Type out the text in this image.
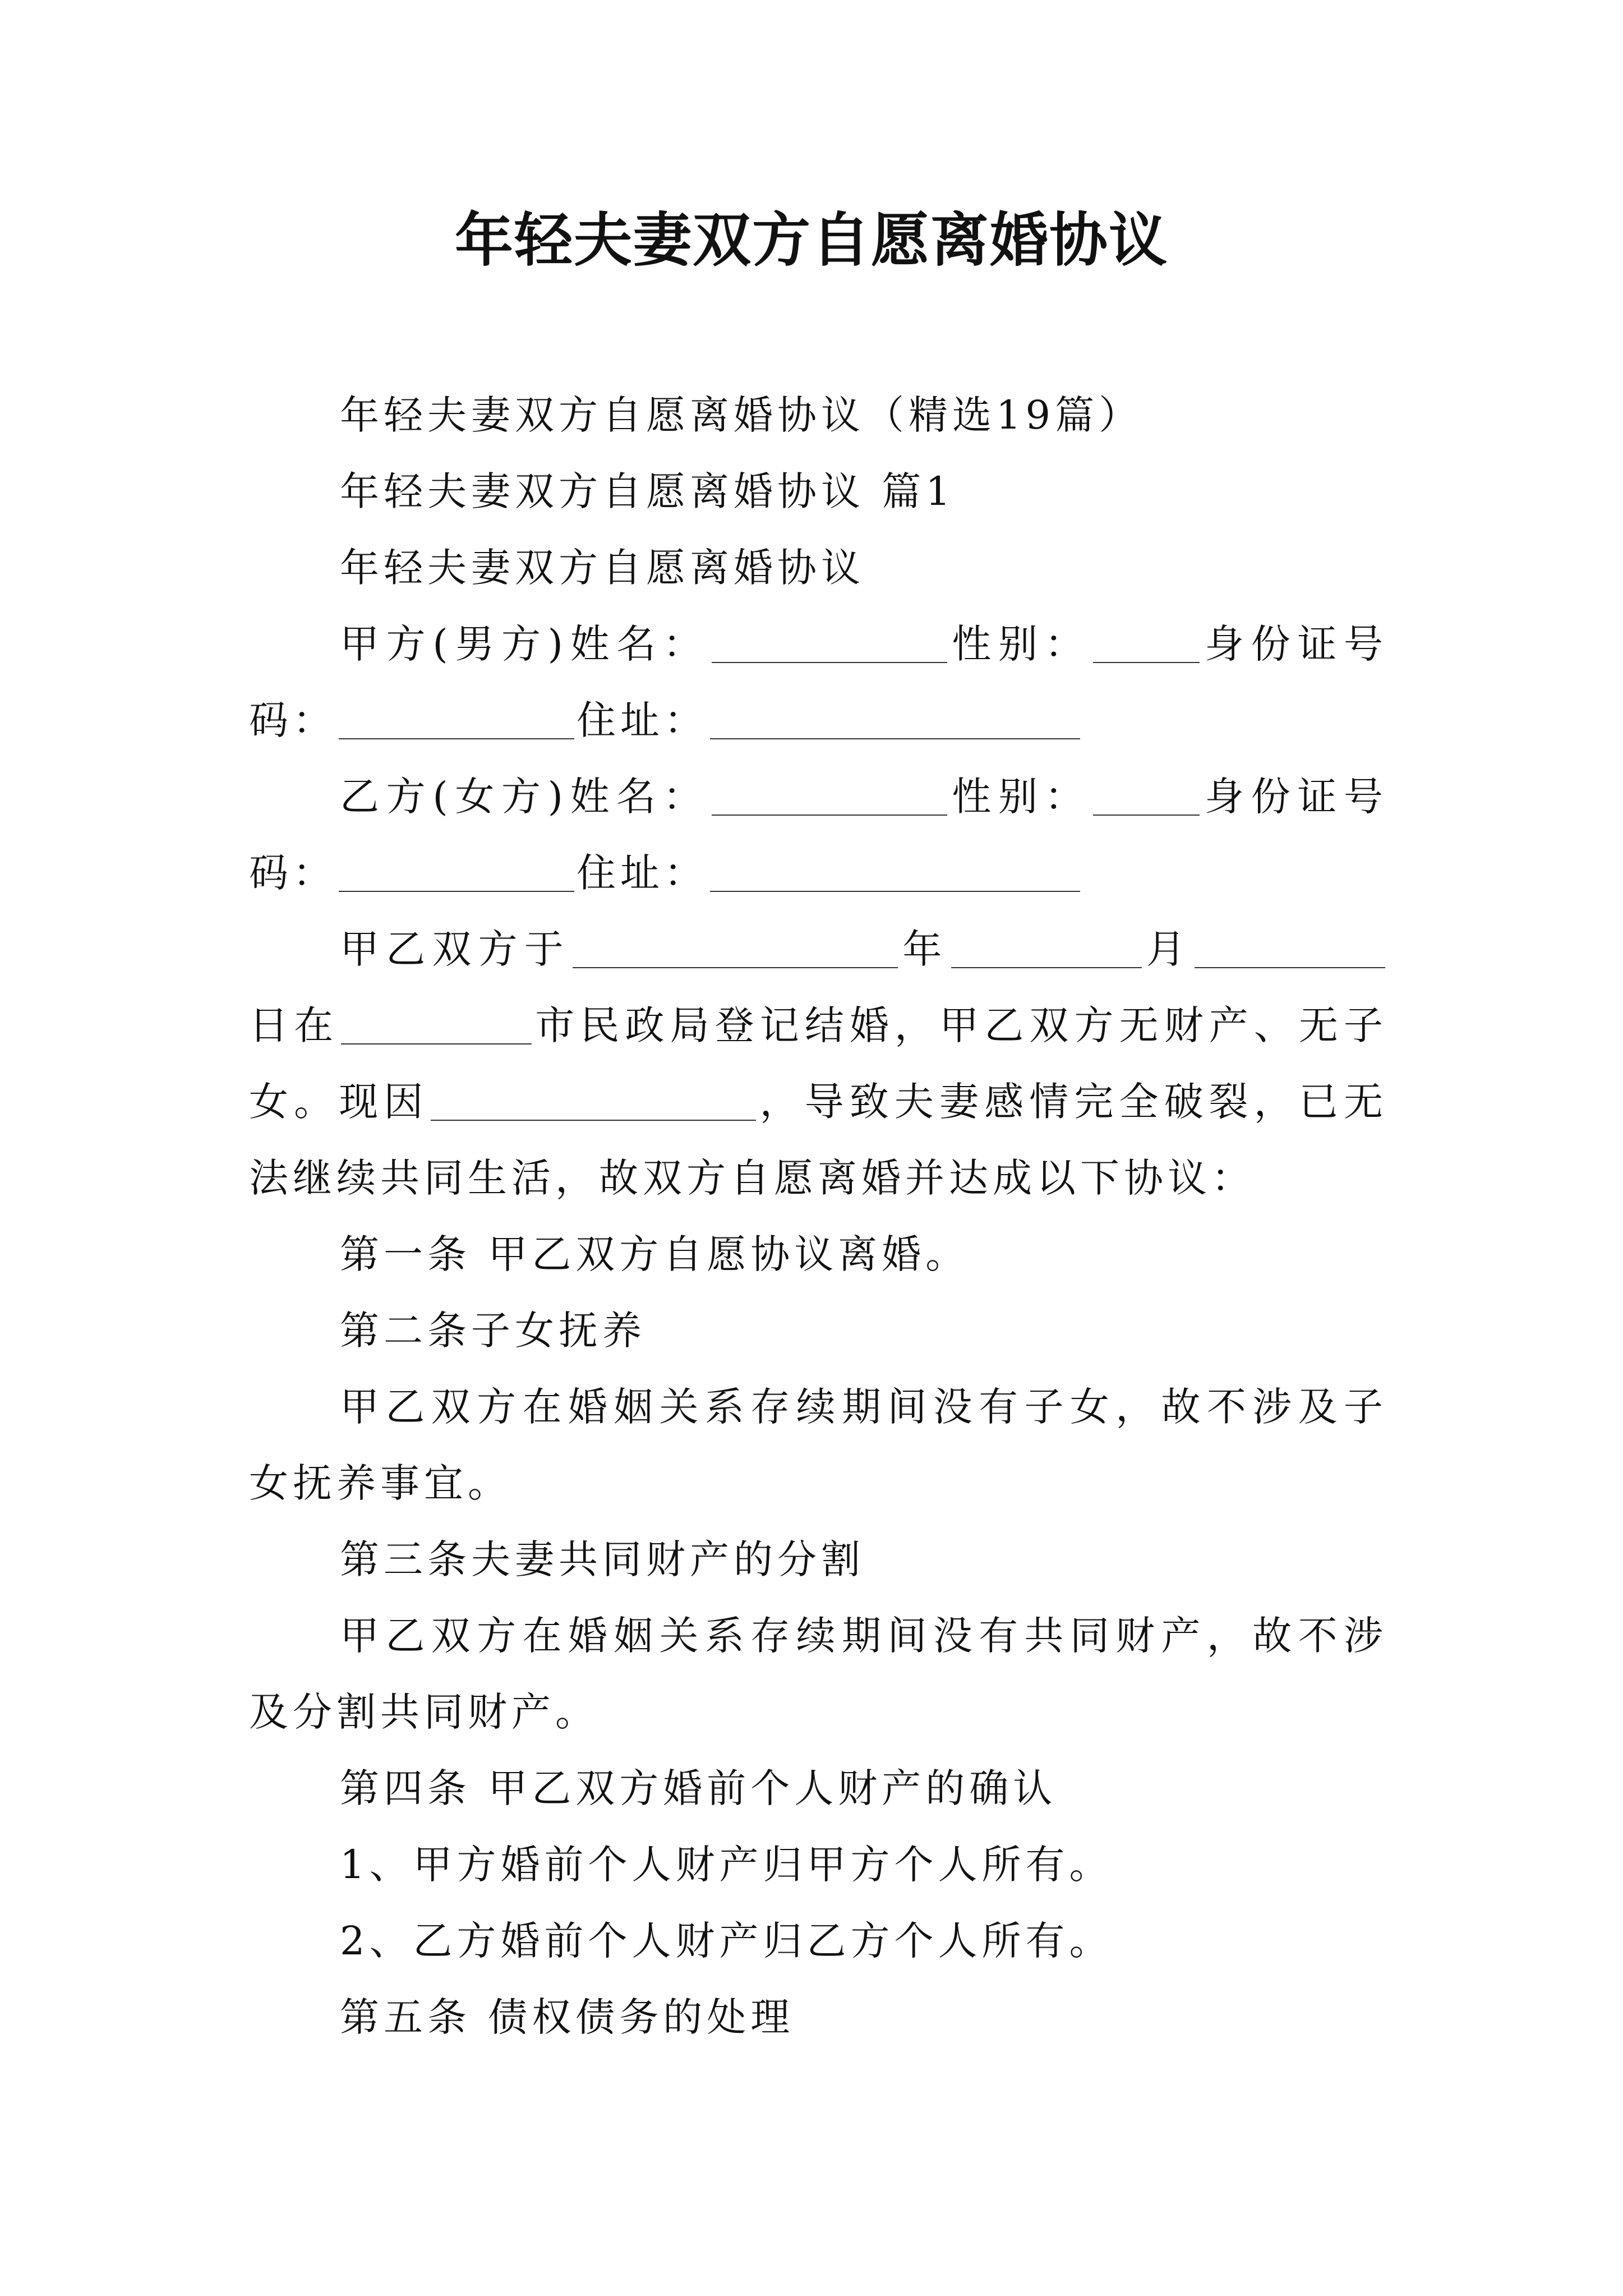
年轻夫妻双方自愿离婚协议

年轻夫妻双方自愿离婚协议（精选19篇）

年轻夫妻双方自愿离婚协议 篇1

年轻夫妻双方自愿离婚协议

甲方(男方)姓名：	性别：	身份证号码：	住址：

乙方(女方)姓名：	性别：	身份证号码：	住址：

甲乙双方于	年	月日在	市民政局登记结婚，甲乙双方无财产、无子女。现因	，导致夫妻感情完全破裂，已无法继续共同生活，故双方自愿离婚并达成以下协议：

第一条 甲乙双方自愿协议离婚。

第二条子女抚养

甲乙双方在婚姻关系存续期间没有子女，故不涉及子女抚养事宜。

第三条夫妻共同财产的分割

甲乙双方在婚姻关系存续期间没有共同财产，故不涉及分割共同财产。

第四条 甲乙双方婚前个人财产的确认

1、甲方婚前个人财产归甲方个人所有。

2、乙方婚前个人财产归乙方个人所有。

第五条 债权债务的处理
